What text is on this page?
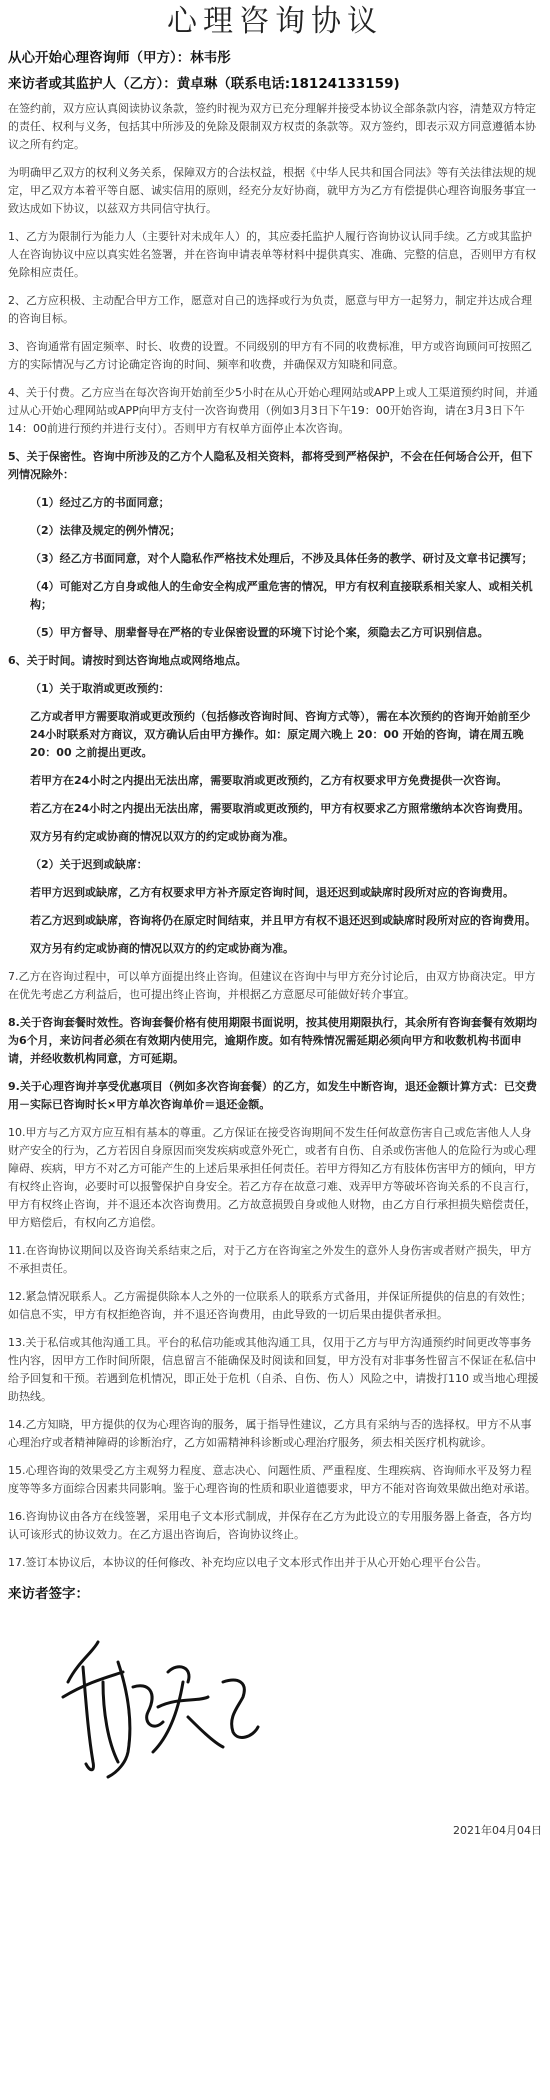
心理咨询协议
从心开始心理咨询师（甲方）：林韦彤
来访者或其监护人（乙方）：黄卓琳（联系电话:18124133159)

在签约前，双方应认真阅读协议条款，签约时视为双方已充分理解并接受本协议全部条款内容，清楚双方特定的责任、权利与义务，包括其中所涉及的免除及限制双方权责的条款等。双方签约，即表示双方同意遵循本协议之所有约定。

为明确甲乙双方的权利义务关系，保障双方的合法权益，根据《中华人民共和国合同法》等有关法律法规的规定，甲乙双方本着平等自愿、诚实信用的原则，经充分友好协商，就甲方为乙方有偿提供心理咨询服务事宜一致达成如下协议，以兹双方共同信守执行。

1、乙方为限制行为能力人（主要针对未成年人）的，其应委托监护人履行咨询协议认同手续。乙方或其监护人在咨询协议中应以真实姓名签署，并在咨询申请表单等材料中提供真实、准确、完整的信息，否则甲方有权免除相应责任。

2、乙方应积极、主动配合甲方工作，愿意对自己的选择或行为负责，愿意与甲方一起努力，制定并达成合理的咨询目标。

3、咨询通常有固定频率、时长、收费的设置。不同级别的甲方有不同的收费标准，甲方或咨询顾问可按照乙方的实际情况与乙方讨论确定咨询的时间、频率和收费，并确保双方知晓和同意。

4、关于付费。乙方应当在每次咨询开始前至少5小时在从心开始心理网站或APP上或人工渠道预约时间，并通过从心开始心理网站或APP向甲方支付一次咨询费用（例如3月3日下午19：00开始咨询，请在3月3日下午14：00前进行预约并进行支付）。否则甲方有权单方面停止本次咨询。

5、关于保密性。咨询中所涉及的乙方个人隐私及相关资料，都将受到严格保护，不会在任何场合公开，但下列情况除外：

（1）经过乙方的书面同意；

（2）法律及规定的例外情况；

（3）经乙方书面同意，对个人隐私作严格技术处理后，不涉及具体任务的教学、研讨及文章书记撰写；

（4）可能对乙方自身或他人的生命安全构成严重危害的情况，甲方有权利直接联系相关家人、或相关机构；

（5）甲方督导、朋辈督导在严格的专业保密设置的环境下讨论个案，须隐去乙方可识别信息。

6、关于时间。请按时到达咨询地点或网络地点。

（1）关于取消或更改预约：

乙方或者甲方需要取消或更改预约（包括修改咨询时间、咨询方式等），需在本次预约的咨询开始前至少24小时联系对方商议，双方确认后由甲方操作。如：原定周六晚上 20：00 开始的咨询，请在周五晚 20：00 之前提出更改。

若甲方在24小时之内提出无法出席，需要取消或更改预约，乙方有权要求甲方免费提供一次咨询。

若乙方在24小时之内提出无法出席，需要取消或更改预约，甲方有权要求乙方照常缴纳本次咨询费用。

双方另有约定或协商的情况以双方的约定或协商为准。

（2）关于迟到或缺席：

若甲方迟到或缺席，乙方有权要求甲方补齐原定咨询时间，退还迟到或缺席时段所对应的咨询费用。

若乙方迟到或缺席，咨询将仍在原定时间结束，并且甲方有权不退还迟到或缺席时段所对应的咨询费用。

双方另有约定或协商的情况以双方的约定或协商为准。

7.乙方在咨询过程中，可以单方面提出终止咨询。但建议在咨询中与甲方充分讨论后，由双方协商决定。甲方在优先考虑乙方利益后，也可提出终止咨询，并根据乙方意愿尽可能做好转介事宜。

8.关于咨询套餐时效性。咨询套餐价格有使用期限书面说明，按其使用期限执行，其余所有咨询套餐有效期均为6个月，来访问者必须在有效期内使用完，逾期作废。如有特殊情况需延期必须向甲方和收数机构书面申请，并经收数机构同意，方可延期。

9.关于心理咨询并享受优惠项目（例如多次咨询套餐）的乙方，如发生中断咨询，退还金额计算方式：已交费用－实际已咨询时长×甲方单次咨询单价＝退还金额。

10.甲方与乙方双方应互相有基本的尊重。乙方保证在接受咨询期间不发生任何故意伤害自己或危害他人人身财产安全的行为，乙方若因自身原因而突发疾病或意外死亡，或者有自伤、自杀或伤害他人的危险行为或心理障碍、疾病，甲方不对乙方可能产生的上述后果承担任何责任。若甲方得知乙方有肢体伤害甲方的倾向，甲方有权终止咨询，必要时可以报警保护自身安全。若乙方存在故意刁难、戏弄甲方等破坏咨询关系的不良言行，甲方有权终止咨询，并不退还本次咨询费用。乙方故意损毁自身或他人财物，由乙方自行承担损失赔偿责任，甲方赔偿后，有权向乙方追偿。

11.在咨询协议期间以及咨询关系结束之后，对于乙方在咨询室之外发生的意外人身伤害或者财产损失，甲方不承担责任。

12.紧急情况联系人。乙方需提供除本人之外的一位联系人的联系方式备用，并保证所提供的信息的有效性；如信息不实，甲方有权拒绝咨询，并不退还咨询费用，由此导致的一切后果由提供者承担。

13.关于私信或其他沟通工具。平台的私信功能或其他沟通工具，仅用于乙方与甲方沟通预约时间更改等事务性内容，因甲方工作时间所限，信息留言不能确保及时阅读和回复，甲方没有对非事务性留言不保证在私信中给予回复和干预。若遇到危机情况，即正处于危机（自杀、自伤、伤人）风险之中，请拨打110 或当地心理援助热线。

14.乙方知晓，甲方提供的仅为心理咨询的服务，属于指导性建议，乙方具有采纳与否的选择权。甲方不从事心理治疗或者精神障碍的诊断治疗，乙方如需精神科诊断或心理治疗服务，须去相关医疗机构就诊。

15.心理咨询的效果受乙方主观努力程度、意志决心、问题性质、严重程度、生理疾病、咨询师水平及努力程度等等多方面综合因素共同影响。鉴于心理咨询的性质和职业道德要求，甲方不能对咨询效果做出绝对承诺。

16.咨询协议由各方在线签署，采用电子文本形式制成，并保存在乙方为此设立的专用服务器上备查，各方均认可该形式的协议效力。在乙方退出咨询后，咨询协议终止。

17.签订本协议后，本协议的任何修改、补充均应以电子文本形式作出并于从心开始心理平台公告。

来访者签字：
2021年04月04日
